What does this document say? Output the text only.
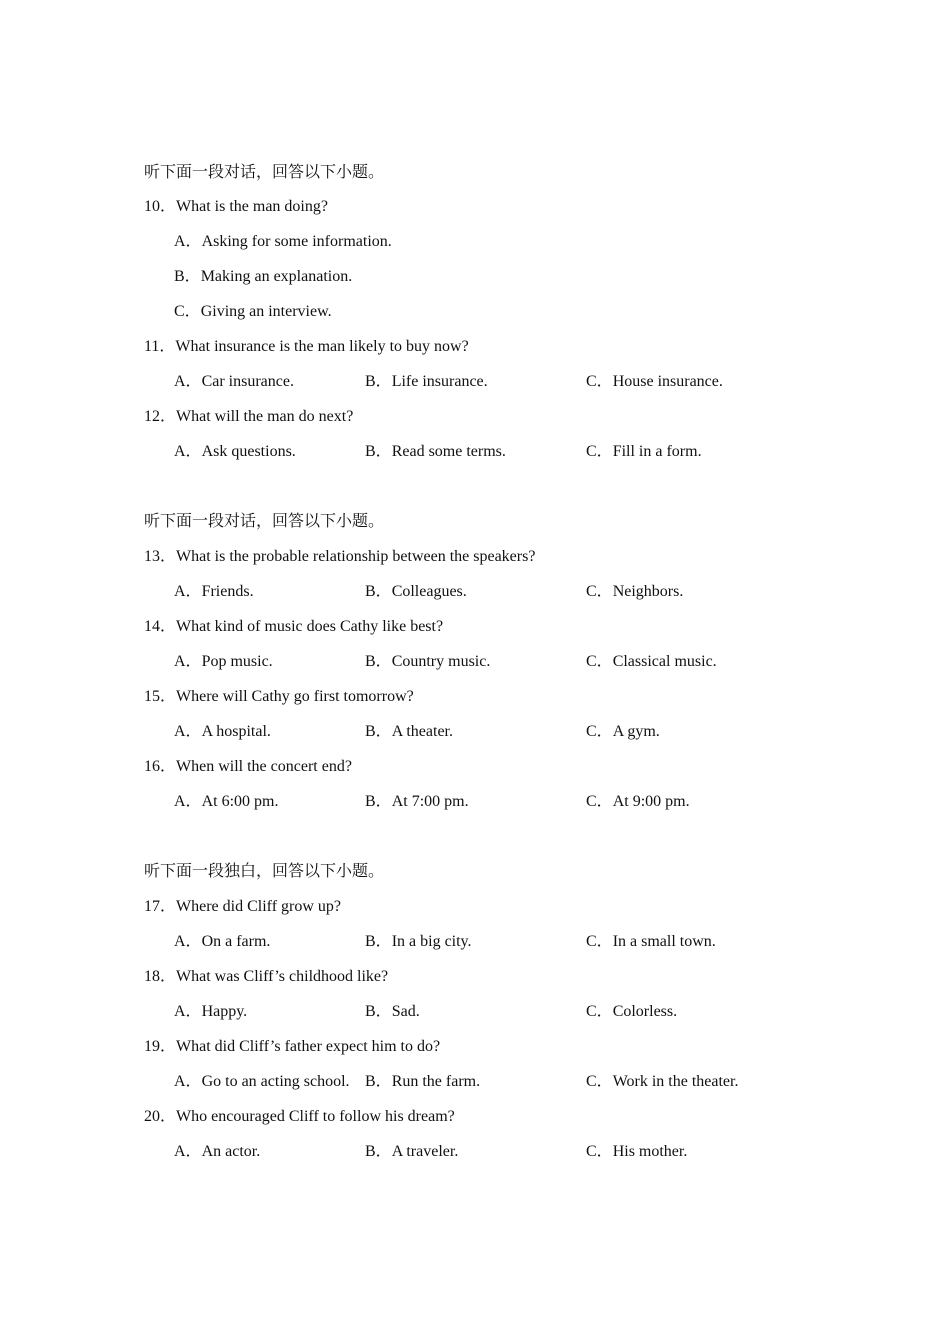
听下面一段对话，回答以下小题。
10．What is the man doing?
A．Asking for some information.
B．Making an explanation.
C．Giving an interview.
11．What insurance is the man likely to buy now?
A．Car insurance.	B．Life insurance.	C．House insurance.
12．What will the man do next?
A．Ask questions.	B．Read some terms.	C．Fill in a form.
听下面一段对话，回答以下小题。
13．What is the probable relationship between the speakers?
A．Friends.	B．Colleagues.	C．Neighbors.
14．What kind of music does Cathy like best?
A．Pop music.	B．Country music.	C．Classical music.
15．Where will Cathy go first tomorrow?
A．A hospital.	B．A theater.	C．A gym.
16．When will the concert end?
A．At 6:00 pm.	B．At 7:00 pm.	C．At 9:00 pm.
听下面一段独白，回答以下小题。
17．Where did Cliff grow up?
A．On a farm.	B．In a big city.	C．In a small town.
18．What was Cliff’s childhood like?
A．Happy.	B．Sad.	C．Colorless.
19．What did Cliff’s father expect him to do?
A．Go to an acting school. B．Run the farm.	C．Work in the theater.
20．Who encouraged Cliff to follow his dream?
A．An actor.	B．A traveler.	C．His mother.
